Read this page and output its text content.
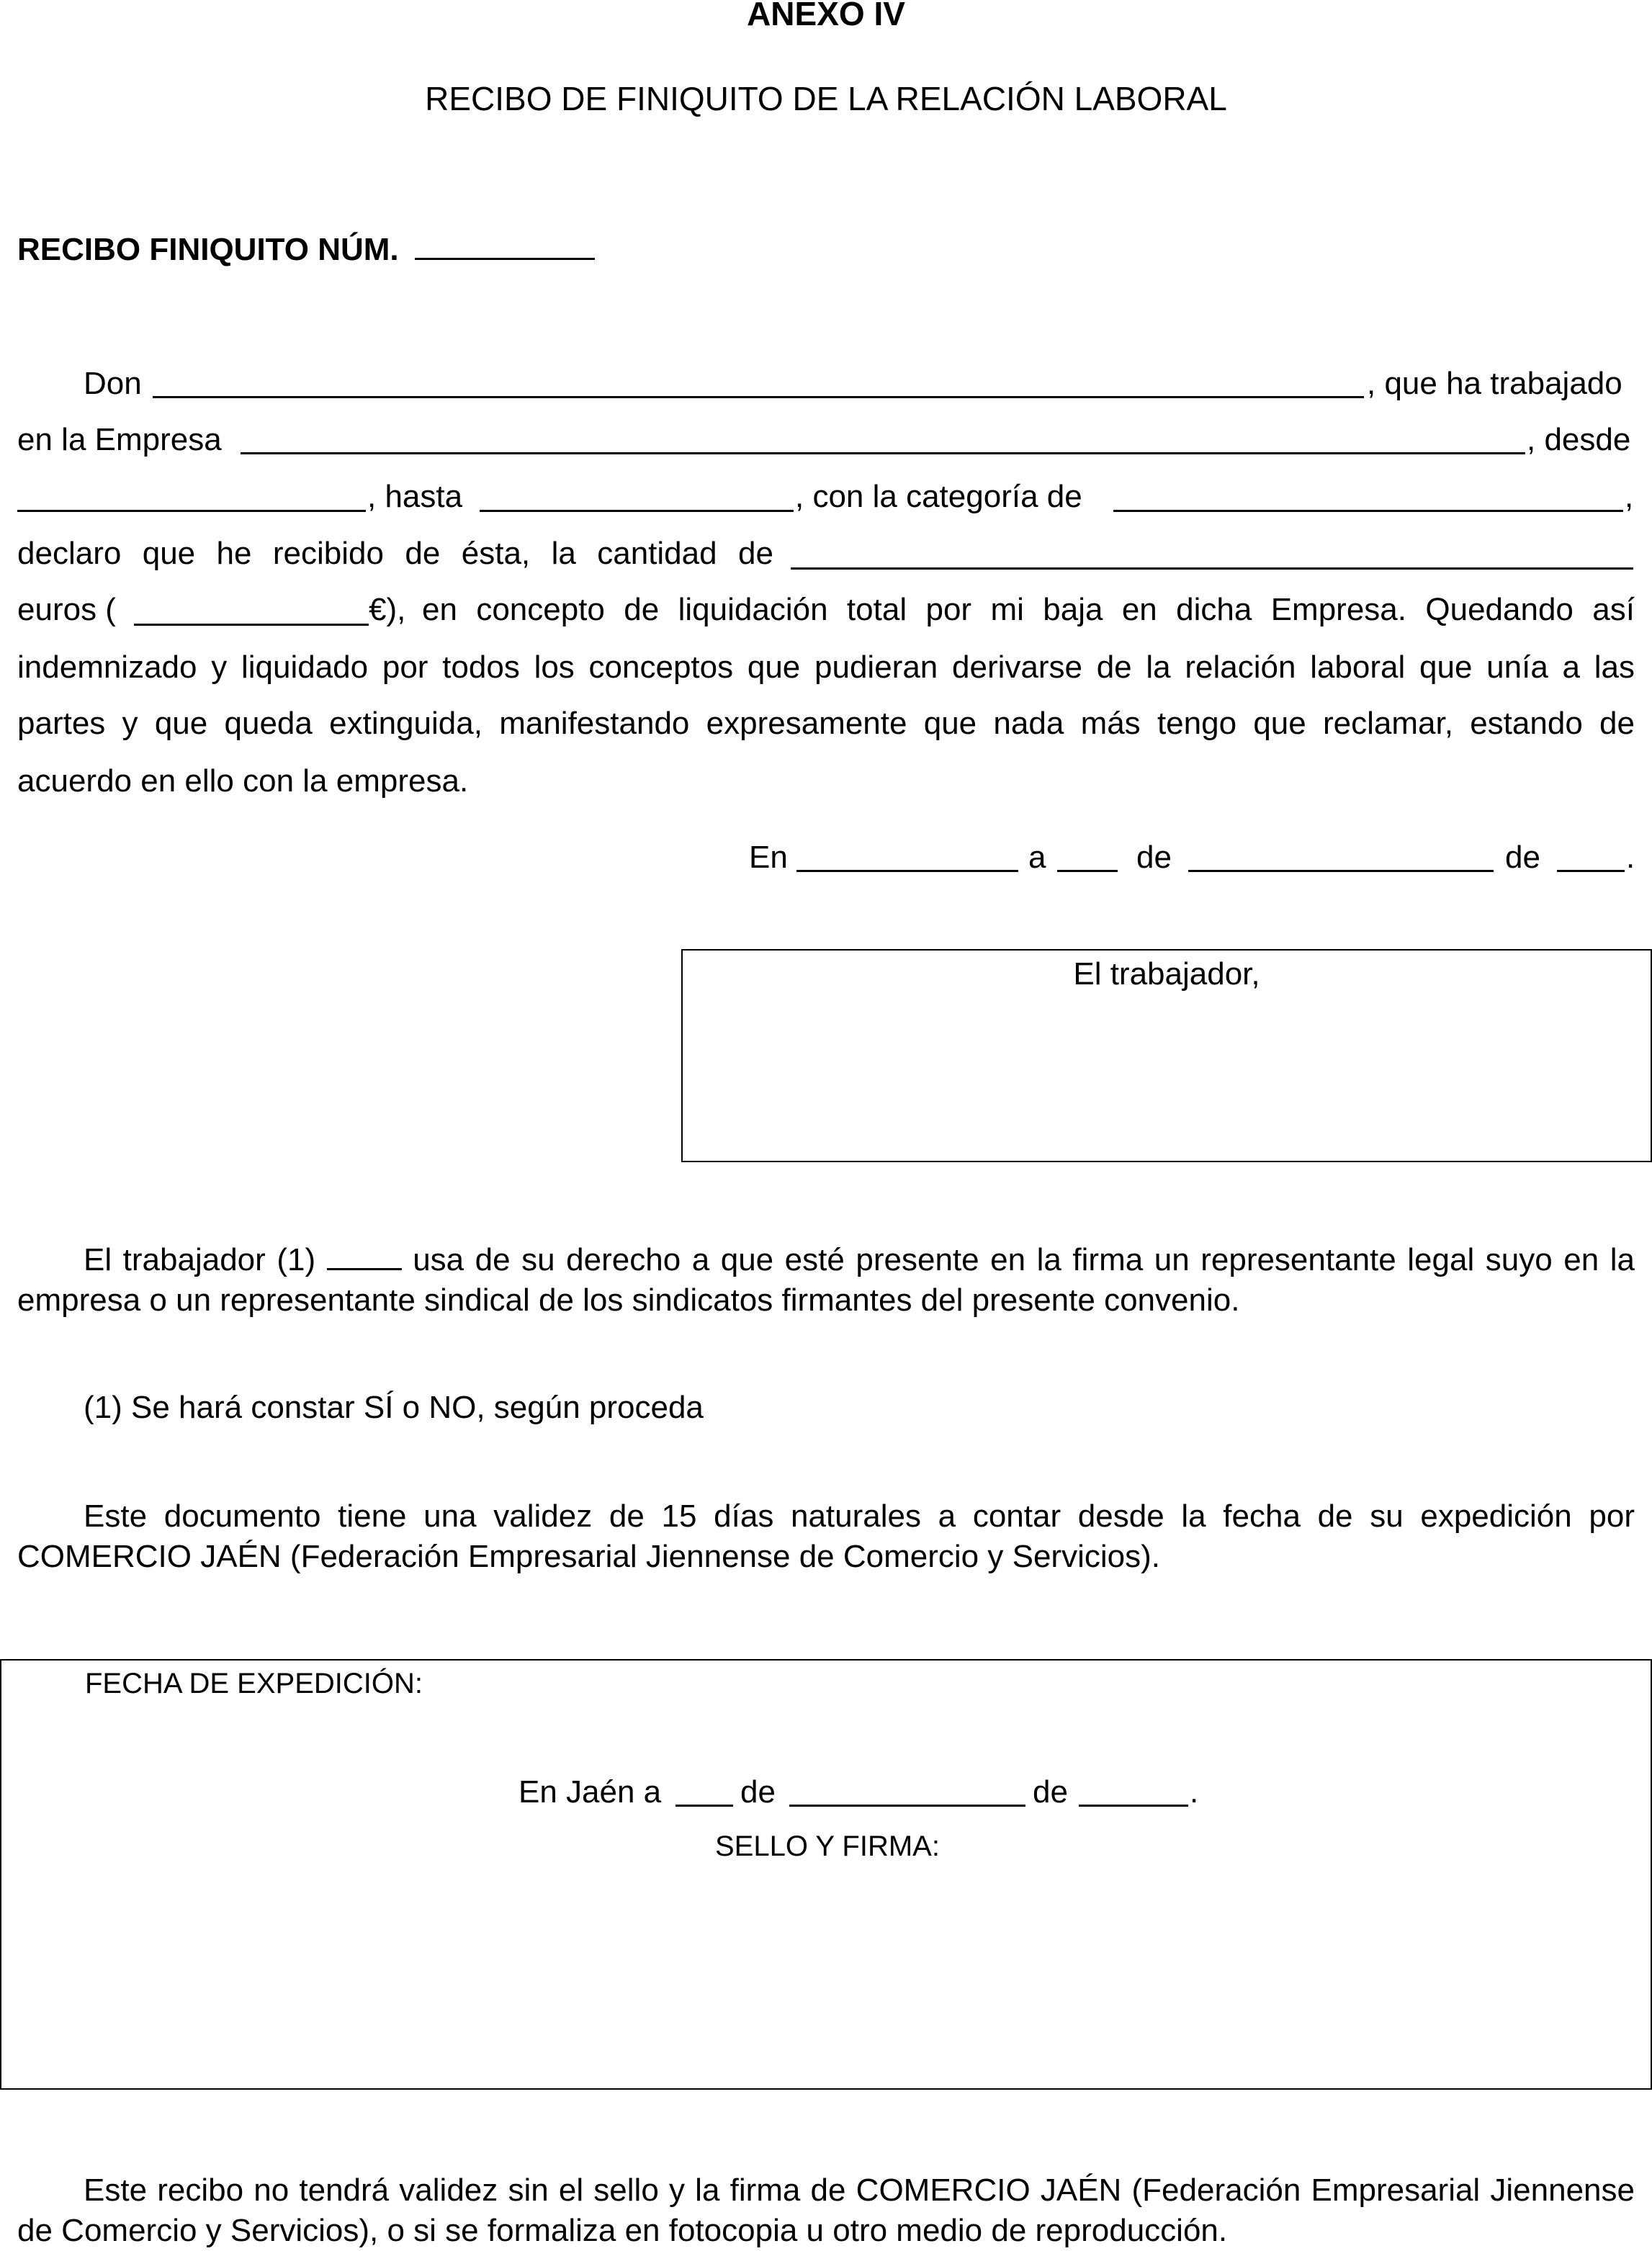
ANEXO IV
RECIBO DE FINIQUITO DE LA RELACIÓN LABORAL
RECIBO FINIQUITO NÚM.
Don	, que ha trabajado
en la Empresa	, desde
, hasta	, con la categoría de	,
declaro que he recibido de ésta, la cantidad de
euros (	€), en concepto de liquidación total por mi baja en dicha Empresa. Quedando así
indemnizado y liquidado por todos los conceptos que pudieran derivarse de la relación laboral que unía a las
partes y que queda extinguida, manifestando expresamente que nada más tengo que reclamar, estando de
acuerdo en ello con la empresa.
En	a	de	de	.
El trabajador,
El trabajador (1)	usa de su derecho a que esté presente en la firma un representante legal suyo en la empresa o un representante sindical de los sindicatos firmantes del presente convenio.
(1) Se hará constar SÍ o NO, según proceda
Este documento tiene una validez de 15 días naturales a contar desde la fecha de su expedición por COMERCIO JAÉN (Federación Empresarial Jiennense de Comercio y Servicios).
FECHA DE EXPEDICIÓN:
En Jaén a de	de	.
SELLO Y FIRMA:
Este recibo no tendrá validez sin el sello y la firma de COMERCIO JAÉN (Federación Empresarial Jiennense de Comercio y Servicios), o si se formaliza en fotocopia u otro medio de reproducción.
